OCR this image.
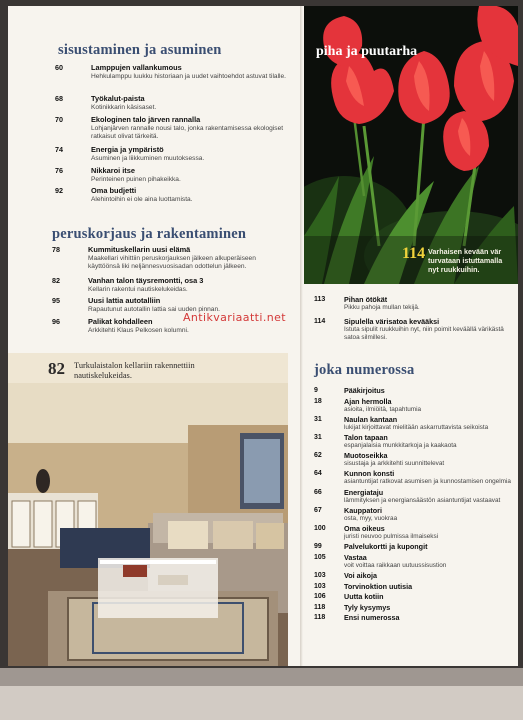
sisustaminen ja asuminen
60	Lamppujen vallankumous
Hehkulamppu luukku historiaan ja uudet vaihtoehdot astuvat tilalle.
68	Työkalut-paista
Kotinikkarin käsisaset.
70	Ekologinen talo järven rannalla
Lohjanjärven rannalle nousi talo, jonka rakentamisessa ekologiset ratkaisut olivat tärkeitä.
74	Energia ja ympäristö
Asuminen ja liikkuminen muutoksessa.
76	Nikkaroi itse
Perinteinen puinen pihakeikka.
92	Oma budjetti
Alehintoihin ei ole aina luottamista.
peruskorjaus ja rakentaminen
78	Kummituskellarin uusi elämä
Maakellari vihittiin peruskorjauksen jälkeen alkuperäiseen käyttöönsä liki neljännesvuosisadan odottelun jälkeen.
82	Vanhan talon täysremontti, osa 3
Kellarin rakentui nautiskelukeidas.
95	Uusi lattia autotalliin
Rapautunut autotallin lattia sai uuden pinnan.
96	Palikat kohdalleen
Arkkitehti Klaus Pelkosen kolumni.
piha ja puutarha
114 Varhaisen kevään vär
turvataan istuttamalla
nyt ruukkuihin.
113	Pihan ötökät
Pikku pahoja mullan tekijä.
114	Sipulella värisatoa kevääksi
Istuta sipulit ruukkuihin nyt, niin poimit keväällä värikästä
satoa silmillesi.
joka numerossa
9	Pääkirjoitus
18	Ajan hermolla
asioita, ilmiöitä, tapahtumia
31	Naulan kantaan
lukijat kirjoittavat mielitään askarruttavista seikoista
31	Talon tapaan
espanjalaisia munkkitarkoja ja kaakaota
62	Muotoseikka
sisustaja ja arkkitehti suunnittelevat
64	Kunnon konsti
asiantuntijat ratkovat asumisen ja kunnostamisen ongelmia
66	Energiataju
lämmityksen ja energiansäästön asiantuntijat vastaavat
67	Kauppatori
osta, myy, vuokraa
100	Oma oikeus
juristi neuvoo pulmissa ilmaiseksi
99	Palvelukortti ja kupongit
105	Vastaa
voit voittaa raikkaan uutuussisustion
103	Voi aikoja
103	Torvinoktion uutisia
106	Uutta kotiin
118	Tyly kysymys
118	Ensi numerossa
82 Turkulaistalon kellariin rakennettiin
nautiskelukeidas.
Antikvariaatti.net
